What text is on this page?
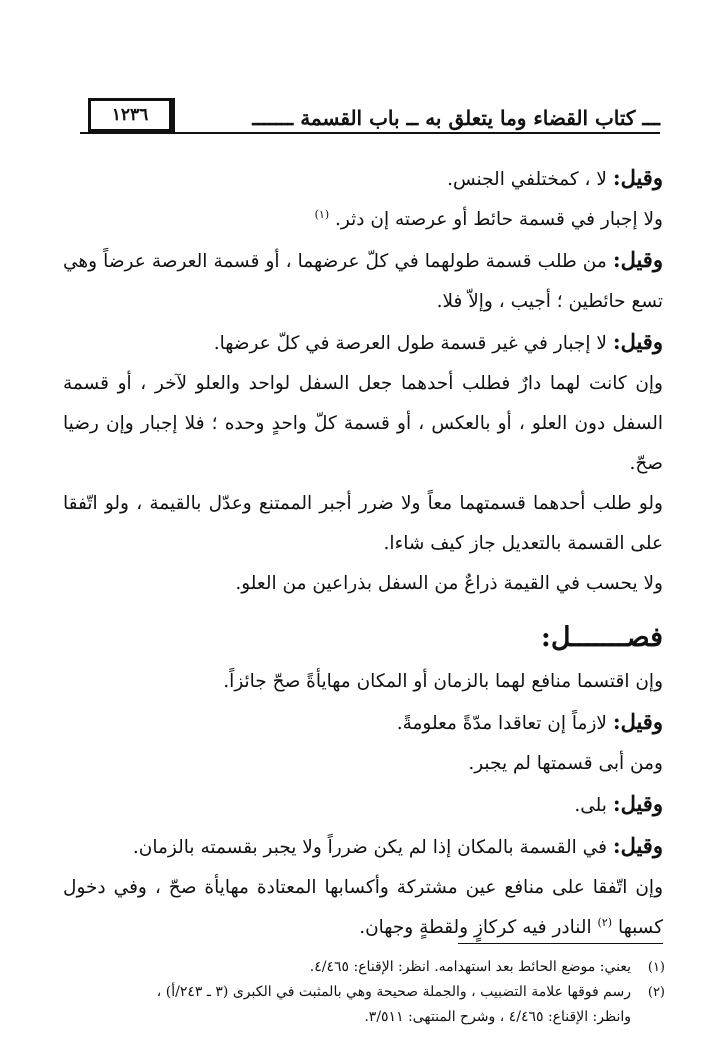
١٢٣٦	ـــ كتاب القضاء وما يتعلق به ــ باب القسمة ـــــــ

وقيل: لا ، كمختلفي الجنس.

ولا إجبار في قسمة حائط أو عرصته إن دثر. $^{(١)}$

وقيل: من طلب قسمة طولهما في كلّ عرضهما ، أو قسمة العرصة عرضاً وهي تسع حائطين ؛ أجيب ، وإلاّ فلا.

وقيل: لا إجبار في غير قسمة طول العرصة في كلّ عرضها.

وإن كانت لهما دارٌ فطلب أحدهما جعل السفل لواحد والعلو لآخر ، أو قسمة السفل دون العلو ، أو بالعكس ، أو قسمة كلّ واحدٍ وحده ؛ فلا إجبار وإن رضيا صحّ.

ولو طلب أحدهما قسمتهما معاً ولا ضرر أجبر الممتنع وعدّل بالقيمة ، ولو اتّفقا على القسمة بالتعديل جاز كيف شاءا.

ولا يحسب في القيمة ذراعٌ من السفل بذراعين من العلو.

فصـــــــل:

وإن اقتسما منافع لهما بالزمان أو المكان مهايأةً صحّ جائزاً.

وقيل: لازماً إن تعاقدا مدّةً معلومةً.

ومن أبى قسمتها لم يجبر.

وقيل: بلى.

وقيل: في القسمة بالمكان إذا لم يكن ضرراً ولا يجبر بقسمته بالزمان.

وإن اتّفقا على منافع عين مشتركة وأكسابها المعتادة مهايأة صحّ ، وفي دخول كسبها $^{(٢)}$ النادر فيه كركازٍ ولقطةٍ وجهان.

(١)
يعني: موضع الحائط بعد استهدامه. انظر: الإقناع: ٤/٤٦٥.
(٢)
رسم فوقها علامة التضبيب ، والجملة صحيحة وهي بالمثبت في الكبرى (٣ ـ ٢٤٣/أ) ،
وانظر: الإقناع: ٤/٤٦٥ ، وشرح المنتهى: ٣/٥١١.
